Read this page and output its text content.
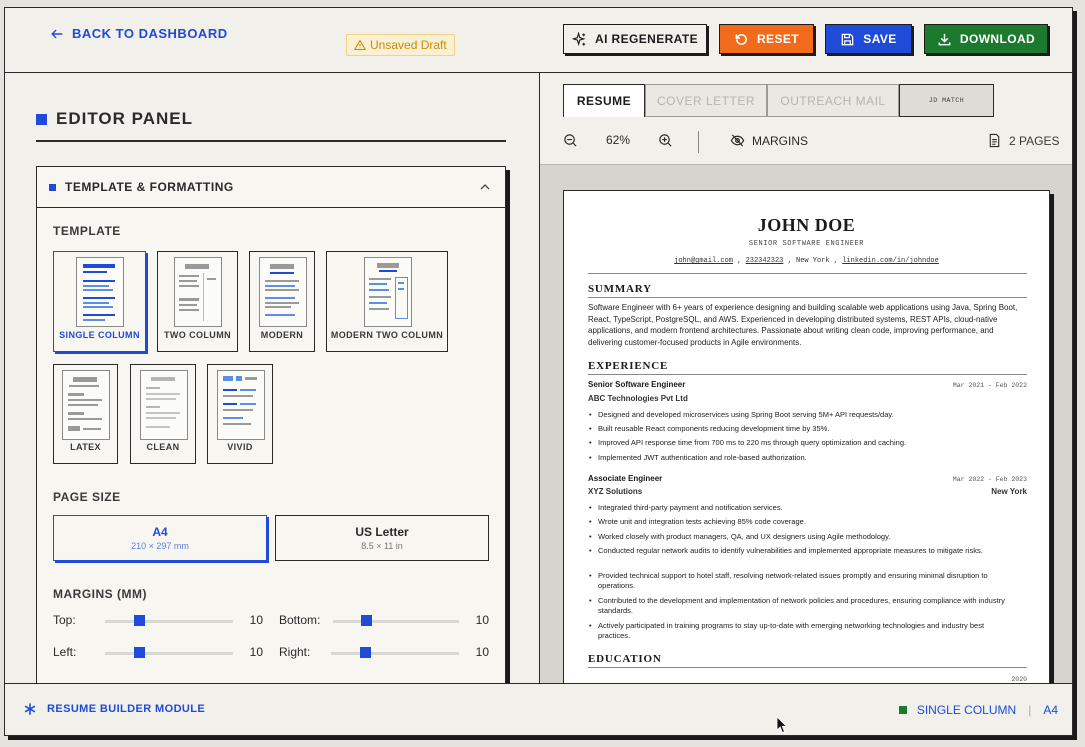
BACK TO DASHBOARD
Unsaved Draft	AI REGENERATE	RESET	SAVE	DOWNLOAD
EDITOR PANEL
TEMPLATE & FORMATTING
TEMPLATE
SINGLE COLUMN	TWO COLUMN	MODERN	MODERN TWO COLUMN
LATEX	CLEAN	VIVID
PAGE SIZE
A4
210 × 297 mm
US Letter
8.5 × 11 in
MARGINS (MM)
Top:	10 Bottom:	10
Left:	10 Right:	10
RESUME	COVER LETTER	OUTREACH MAIL	JD MATCH
62%	MARGINS	2 PAGES
JOHN DOE
SENIOR SOFTWARE ENGINEER
john@gmail.com , 232342323 , New York , linkedin.com/in/johndoe
SUMMARY
Software Engineer with 6+ years of experience designing and building scalable web applications using Java, Spring Boot, React, TypeScript, PostgreSQL, and AWS. Experienced in developing distributed systems, REST APIs, cloud-native applications, and modern frontend architectures. Passionate about writing clean code, improving performance, and delivering customer-focused products in Agile environments.
EXPERIENCE
Senior Software Engineer	Mar 2021 - Feb 2022
ABC Technologies Pvt Ltd
• Designed and developed microservices using Spring Boot serving 5M+ API requests/day.
• Built reusable React components reducing development time by 35%.
• Improved API response time from 700 ms to 220 ms through query optimization and caching.
• Implemented JWT authentication and role-based authorization.
Associate Engineer	Mar 2022 - Feb 2023
XYZ Solutions	New York
• Integrated third-party payment and notification services.
• Wrote unit and integration tests achieving 85% code coverage.
• Worked closely with product managers, QA, and UX designers using Agile methodology.
• Conducted regular network audits to identify vulnerabilities and implemented appropriate measures to mitigate risks.
• Provided technical support to hotel staff, resolving network-related issues promptly and ensuring minimal disruption to operations.
• Contributed to the development and implementation of network policies and procedures, ensuring compliance with industry standards.
• Actively participated in training programs to stay up-to-date with emerging networking technologies and industry best practices.
EDUCATION
2020
RESUME BUILDER MODULE	SINGLE COLUMN | A4
